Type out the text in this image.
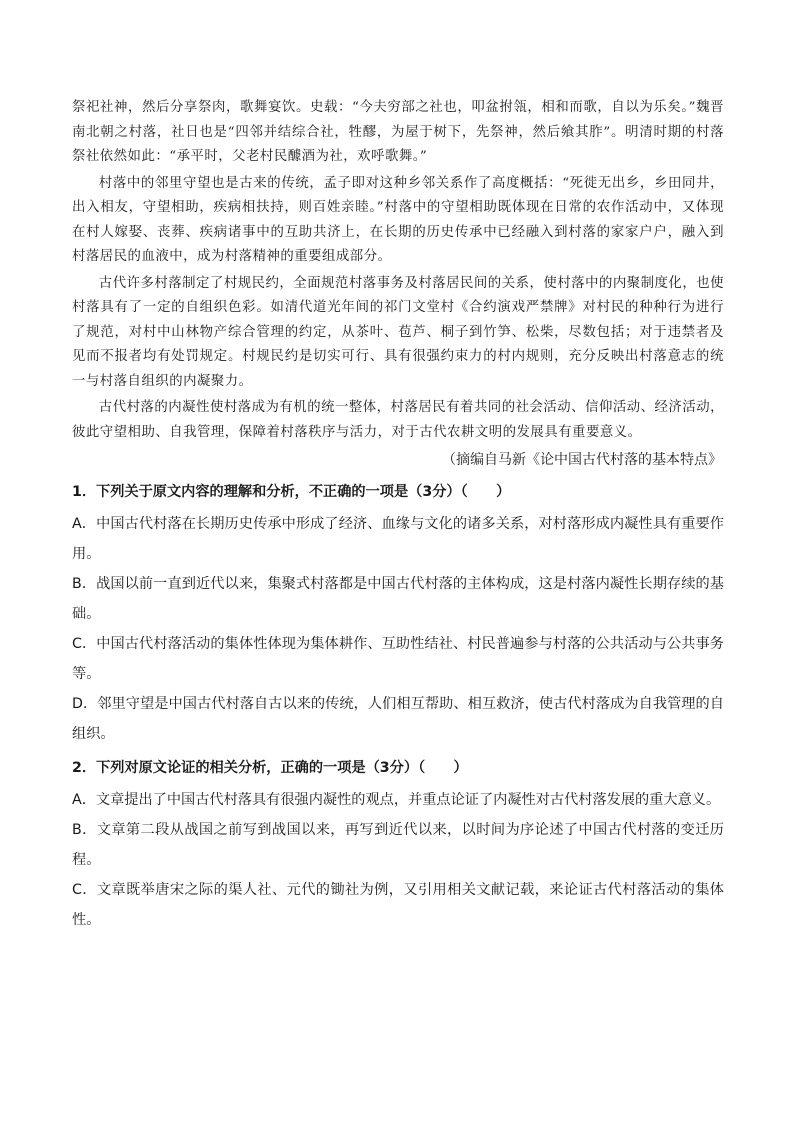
祭祀社神，然后分享祭肉，歌舞宴饮。史载：“今夫穷部之社也，叩盆拊瓴，相和而歌，自以为乐矣。”魏晋南北朝之村落，社日也是“四邻并结综合社，牲醪，为屋于树下，先祭神，然后飨其胙”。明清时期的村落祭社依然如此：“承平时，父老村民醵酒为社，欢呼歌舞。”

村落中的邻里守望也是古来的传统，孟子即对这种乡邻关系作了高度概括：“死徙无出乡，乡田同井，出入相友，守望相助，疾病相扶持，则百姓亲睦。”村落中的守望相助既体现在日常的农作活动中，又体现在村人嫁娶、丧葬、疾病诸事中的互助共济上，在长期的历史传承中已经融入到村落的家家户户，融入到村落居民的血液中，成为村落精神的重要组成部分。

古代许多村落制定了村规民约，全面规范村落事务及村落居民间的关系，使村落中的内聚制度化，也使村落具有了一定的自组织色彩。如清代道光年间的祁门文堂村《合约演戏严禁牌》对村民的种种行为进行了规范，对村中山林物产综合管理的约定，从茶叶、苞芦、桐子到竹笋、松柴，尽数包括；对于违禁者及见而不报者均有处罚规定。村规民约是切实可行、具有很强约束力的村内规则，充分反映出村落意志的统一与村落自组织的内凝聚力。

古代村落的内凝性使村落成为有机的统一整体，村落居民有着共同的社会活动、信仰活动、经济活动，彼此守望相助、自我管理，保障着村落秩序与活力，对于古代农耕文明的发展具有重要意义。

（摘编自马新《论中国古代村落的基本特点》

1．下列关于原文内容的理解和分析，不正确的一项是（3分）（　　）

A．中国古代村落在长期历史传承中形成了经济、血缘与文化的诸多关系，对村落形成内凝性具有重要作用。

B．战国以前一直到近代以来，集聚式村落都是中国古代村落的主体构成，这是村落内凝性长期存续的基础。

C．中国古代村落活动的集体性体现为集体耕作、互助性结社、村民普遍参与村落的公共活动与公共事务等。

D．邻里守望是中国古代村落自古以来的传统，人们相互帮助、相互救济，使古代村落成为自我管理的自组织。

2．下列对原文论证的相关分析，正确的一项是（3分）（　　）

A．文章提出了中国古代村落具有很强内凝性的观点，并重点论证了内凝性对古代村落发展的重大意义。

B．文章第二段从战国之前写到战国以来，再写到近代以来，以时间为序论述了中国古代村落的变迁历程。

C．文章既举唐宋之际的渠人社、元代的锄社为例，又引用相关文献记载，来论证古代村落活动的集体性。
